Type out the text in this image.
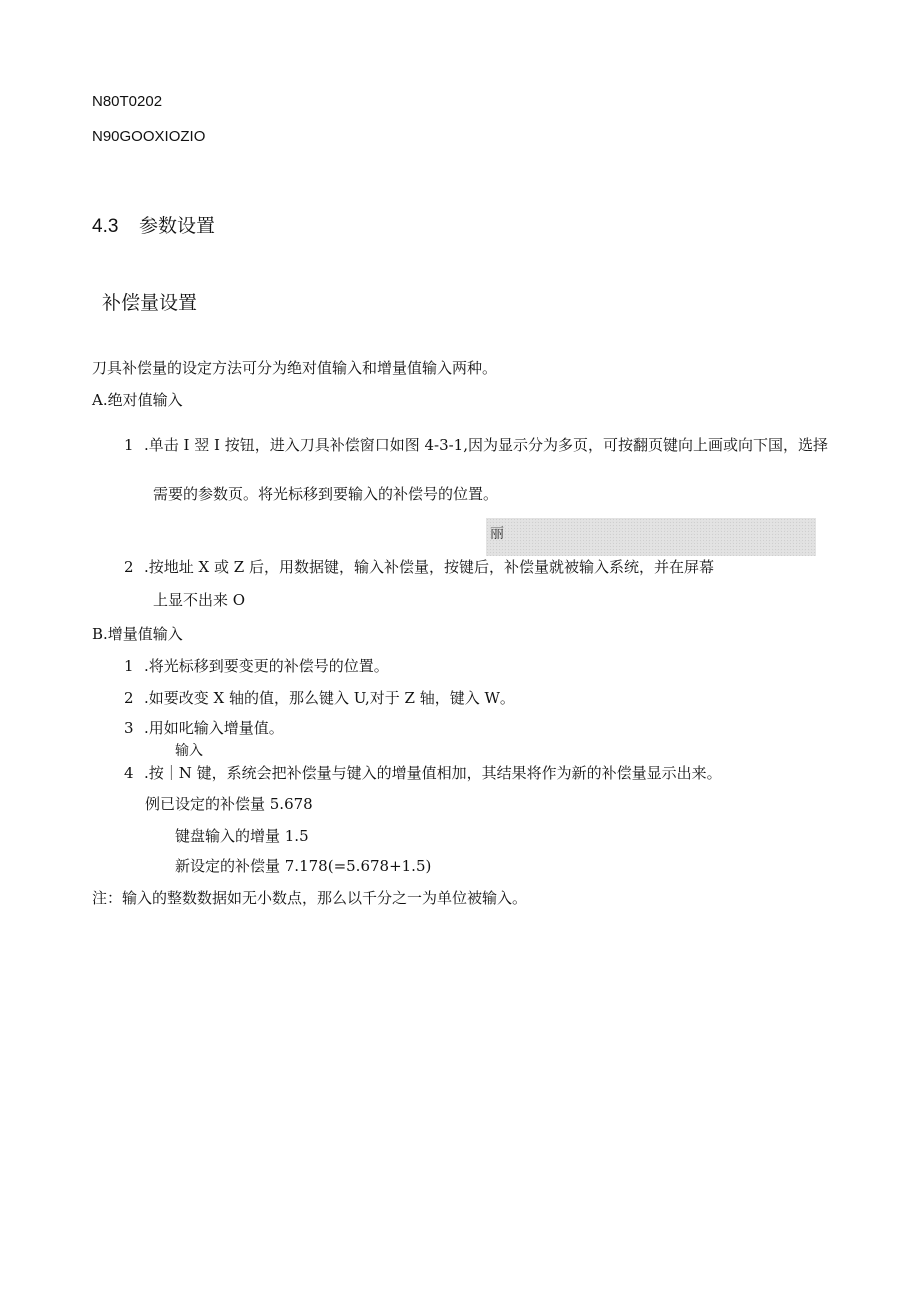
N80T0202
N90GOOXIOZIO
4.3 参数设置
补偿量设置
刀具补偿量的设定方法可分为绝对值输入和增量值输入两种。
A.绝对值输入
1 .单击 I 翌 I 按钮，进入刀具补偿窗口如图 4-3-1,因为显示分为多页，可按翻页键向上画或向下国，选择
需要的参数页。将光标移到要输入的补偿号的位置。
丽
2 .按地址 X 或 Z 后，用数据键，输入补偿量，按键后，补偿量就被输入系统，并在屏幕
上显不出来 O
B.增量值输入
1 .将光标移到要变更的补偿号的位置。
2 .如要改变 X 轴的值，那么键入 U,对于 Z 轴，键入 W。
3 .用如叱输入增量值。
输入
4 .按｜N 键，系统会把补偿量与键入的增量值相加，其结果将作为新的补偿量显示出来。
例已设定的补偿量 5.678
键盘输入的增量 1.5
新设定的补偿量 7.178(=5.678+1.5)
注：输入的整数数据如无小数点，那么以千分之一为单位被输入。
